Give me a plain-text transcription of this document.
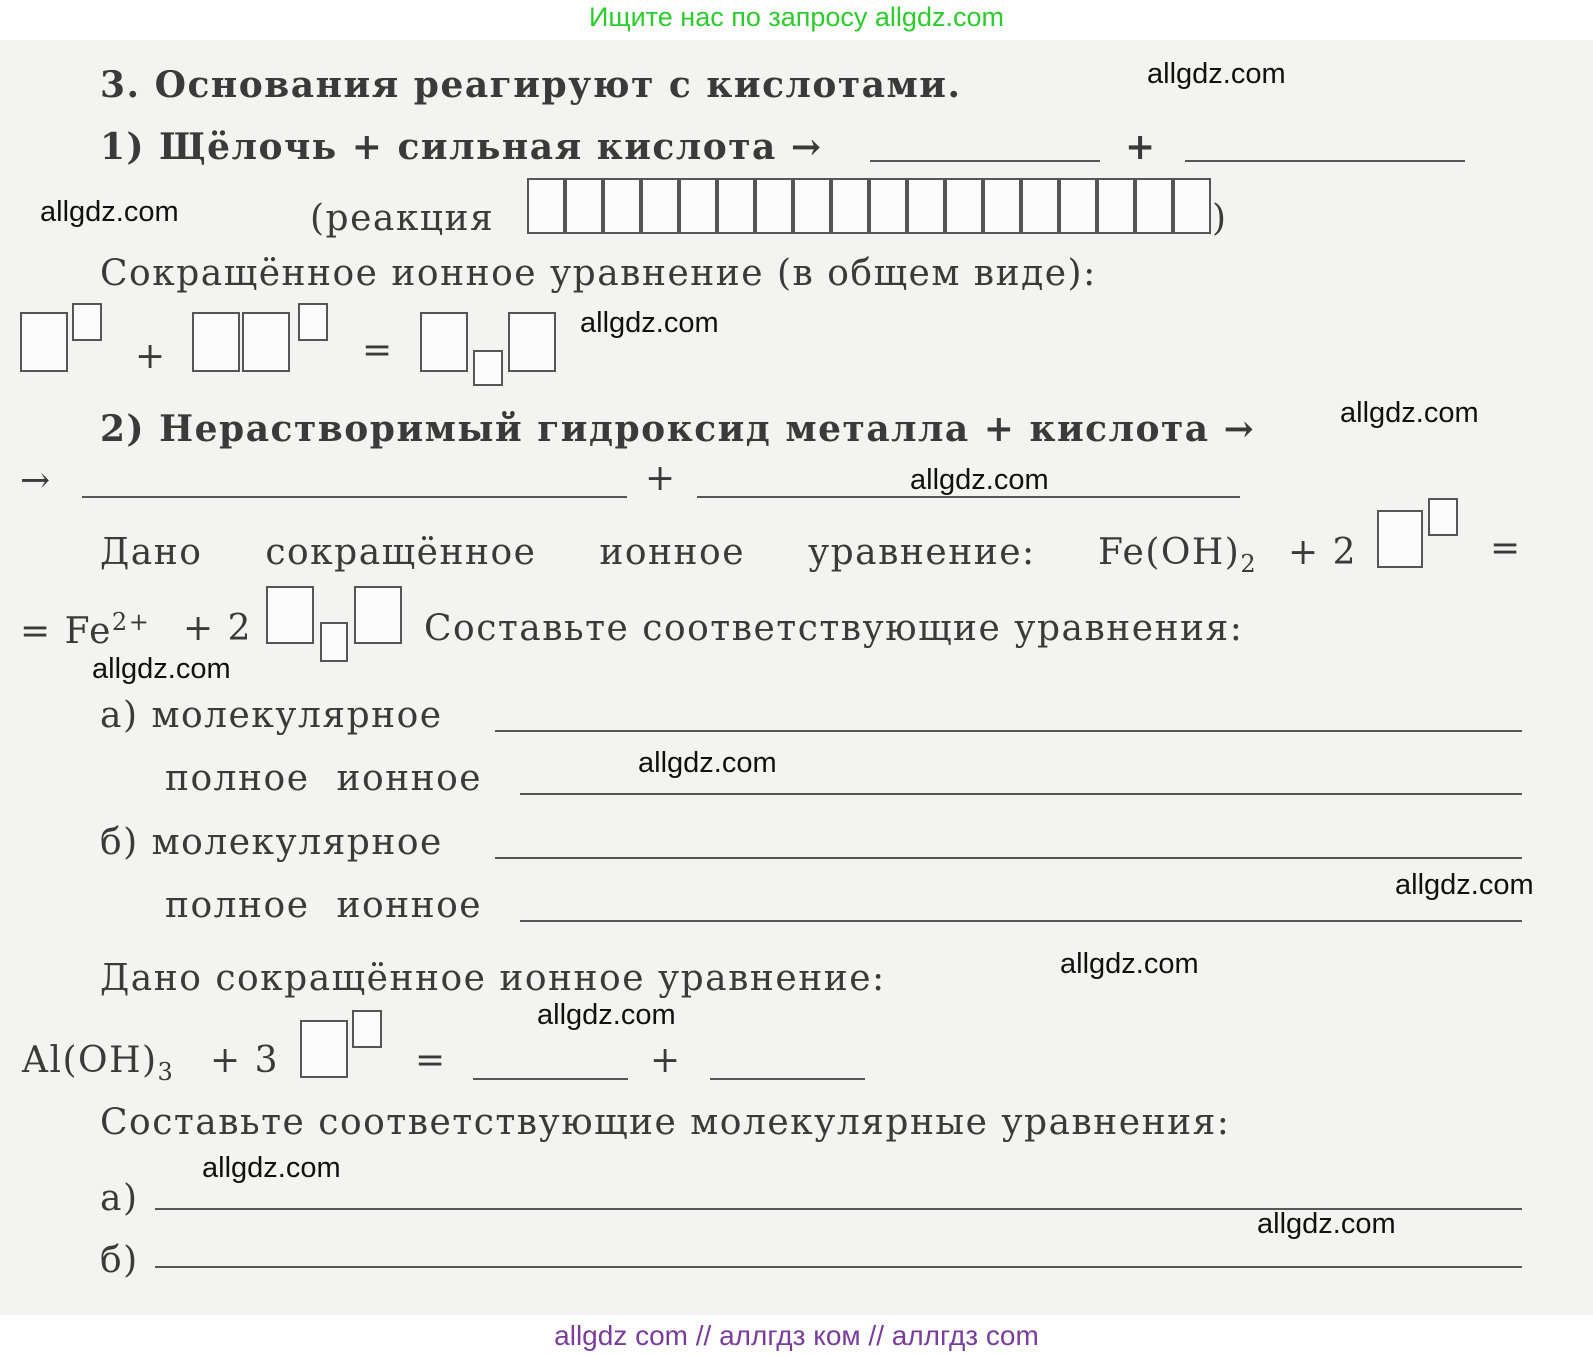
Ищите нас по запросу allgdz.com
3. Основания реагируют с кислотами.
1) Щёлочь + сильная кислота →	+
(реакция	)
Сокращённое ионное уравнение (в общем виде):
+	=
2) Нерастворимый гидроксид металла + кислота →
→	+
Дано сокращённое ионное уравнение: $Fe(OH)_2 + 2$	=
= $Fe^{2+} + 2$	Составьте соответствующие уравнения:
а) молекулярное
полное ионное
б) молекулярное
полное ионное
Дано сокращённое ионное уравнение:
$Al(OH)_3 + 3$	=	+
Составьте соответствующие молекулярные уравнения:
а)
б)
allgdz.com
allgdz.com
allgdz.com
allgdz.com
allgdz.com
allgdz.com
allgdz.com
allgdz.com
allgdz.com
allgdz.com
allgdz.com
allgdz.com
allgdz com // аллгдз ком // аллгдз com
